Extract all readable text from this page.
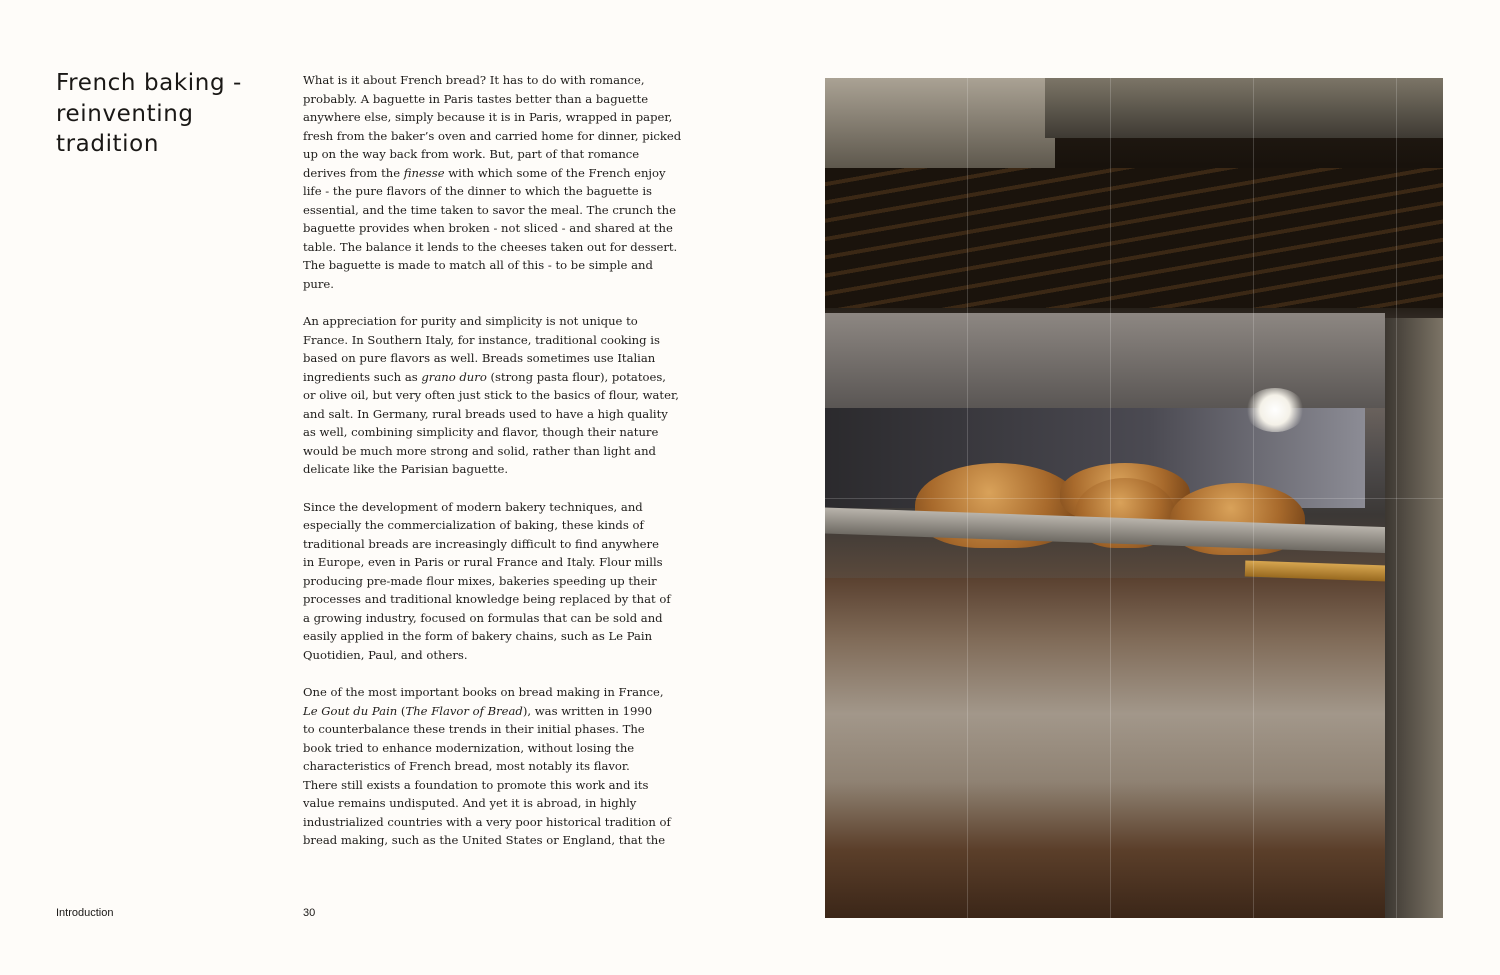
French baking -
reinventing
tradition
What is it about French bread? It has to do with romance,
probably. A baguette in Paris tastes better than a baguette
anywhere else, simply because it is in Paris, wrapped in paper,
fresh from the baker’s oven and carried home for dinner, picked
up on the way back from work. But, part of that romance
derives from the finesse with which some of the French enjoy
life - the pure flavors of the dinner to which the baguette is
essential, and the time taken to savor the meal. The crunch the
baguette provides when broken - not sliced - and shared at the
table. The balance it lends to the cheeses taken out for dessert.
The baguette is made to match all of this - to be simple and
pure.
An appreciation for purity and simplicity is not unique to
France. In Southern Italy, for instance, traditional cooking is
based on pure flavors as well. Breads sometimes use Italian
ingredients such as grano duro (strong pasta flour), potatoes,
or olive oil, but very often just stick to the basics of flour, water,
and salt. In Germany, rural breads used to have a high quality
as well, combining simplicity and flavor, though their nature
would be much more strong and solid, rather than light and
delicate like the Parisian baguette.
Since the development of modern bakery techniques, and
especially the commercialization of baking, these kinds of
traditional breads are increasingly difficult to find anywhere
in Europe, even in Paris or rural France and Italy. Flour mills
producing pre-made flour mixes, bakeries speeding up their
processes and traditional knowledge being replaced by that of
a growing industry, focused on formulas that can be sold and
easily applied in the form of bakery chains, such as Le Pain
Quotidien, Paul, and others.
One of the most important books on bread making in France,
Le Gout du Pain (The Flavor of Bread), was written in 1990
to counterbalance these trends in their initial phases. The
book tried to enhance modernization, without losing the
characteristics of French bread, most notably its flavor.
There still exists a foundation to promote this work and its
value remains undisputed. And yet it is abroad, in highly
industrialized countries with a very poor historical tradition of
bread making, such as the United States or England, that the
Introduction	30
